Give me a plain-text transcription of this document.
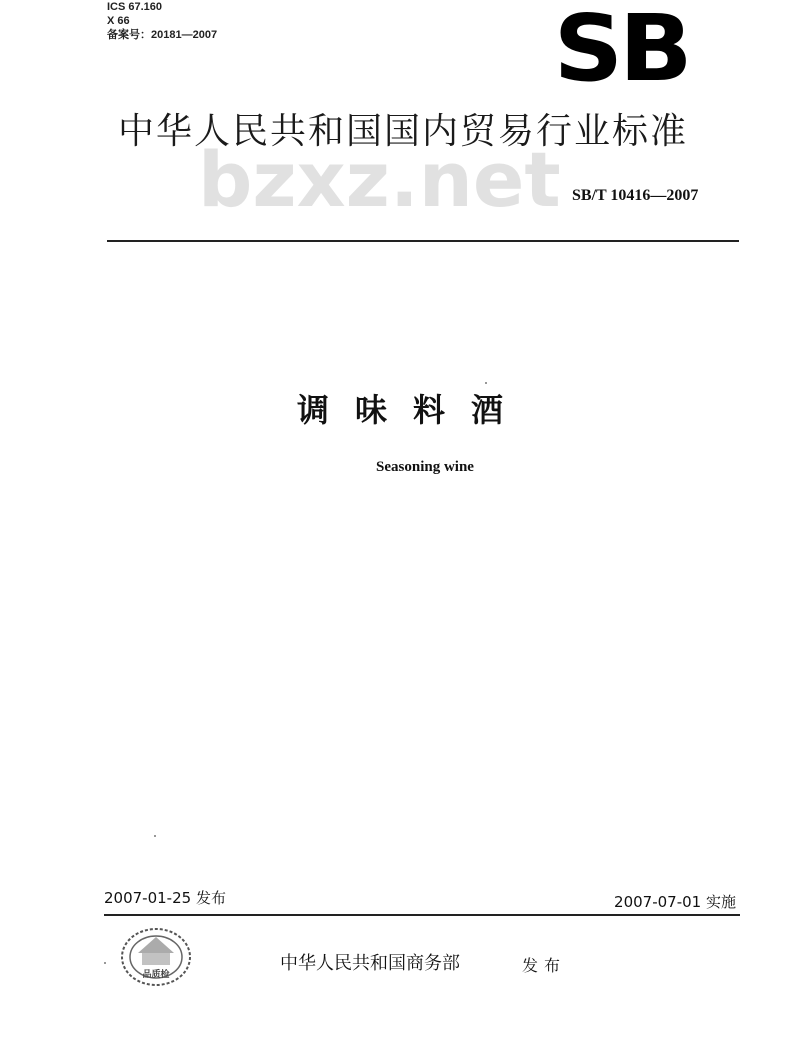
ICS 67.160
X 66
备案号：20181—2007	SB
中华人民共和国国内贸易行业标准
bzxz.net SB/T 10416—2007
调味料酒
Seasoning wine
2007-01-25 发布	2007-07-01 实施
品质检
中华人民共和国商务部	发布
